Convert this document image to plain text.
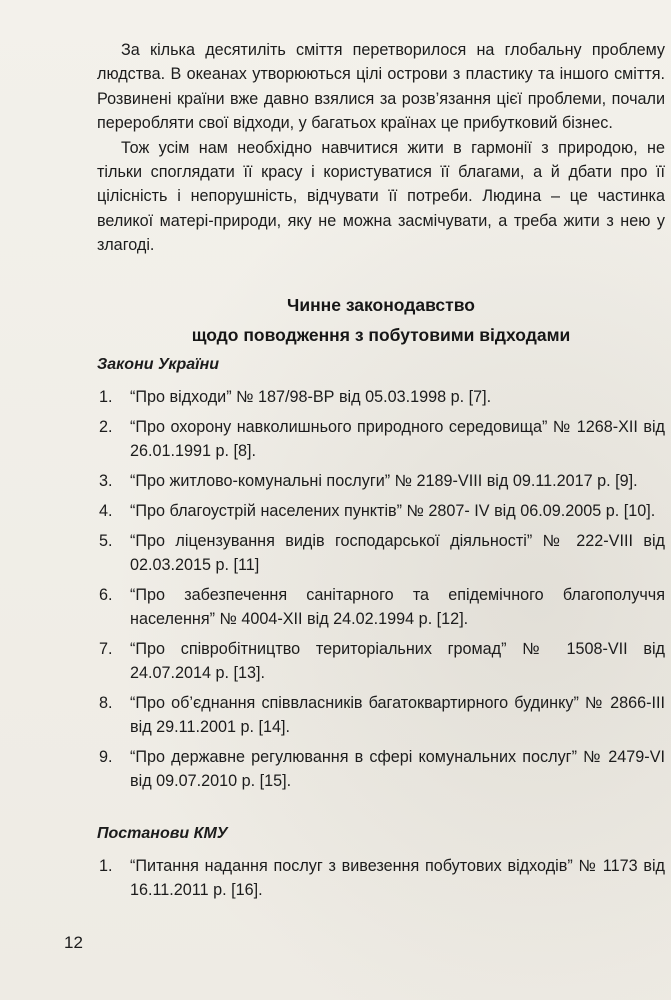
За кілька десятиліть сміття перетворилося на глобальну проблему людства. В океанах утворюються цілі острови з пластику та іншого сміття. Розвинені країни вже давно взялися за розв’язання цієї проблеми, почали переробляти свої відходи, у багатьох країнах це прибутковий бізнес.

Тож усім нам необхідно навчитися жити в гармонії з природою, не тільки споглядати її красу і користуватися її благами, а й дбати про її цілісність і непорушність, відчувати її потреби. Людина – це частинка великої матері-природи, яку не можна засмічувати, а треба жити з нею у злагоді.

Чинне законодавство
щодо поводження з побутовими відходами
Закони України
1. “Про відходи” № 187/98-ВР від 05.03.1998 р. [7].
2. “Про охорону навколишнього природного середовища” № 1268-XII від 26.01.1991 р. [8].
3. “Про житлово-комунальні послуги” № 2189-VIII від 09.11.2017 р. [9].
4. “Про благоустрій населених пунктів” № 2807- IV від 06.09.2005 р. [10].
5. “Про ліцензування видів господарської діяльності” № 222-VIII від 02.03.2015 р. [11]
6. “Про забезпечення санітарного та епідемічного благополуччя населення” № 4004-XII від 24.02.1994 р. [12].
7. “Про співробітництво територіальних громад” № 1508-VII від 24.07.2014 р. [13].
8. “Про об’єднання співвласників багатоквартирного будинку” № 2866-III від 29.11.2001 р. [14].
9. “Про державне регулювання в сфері комунальних послуг” № 2479-VI від 09.07.2010 р. [15].
Постанови КМУ
1. “Питання надання послуг з вивезення побутових відходів” № 1173 від 16.11.2011 р. [16].
12
